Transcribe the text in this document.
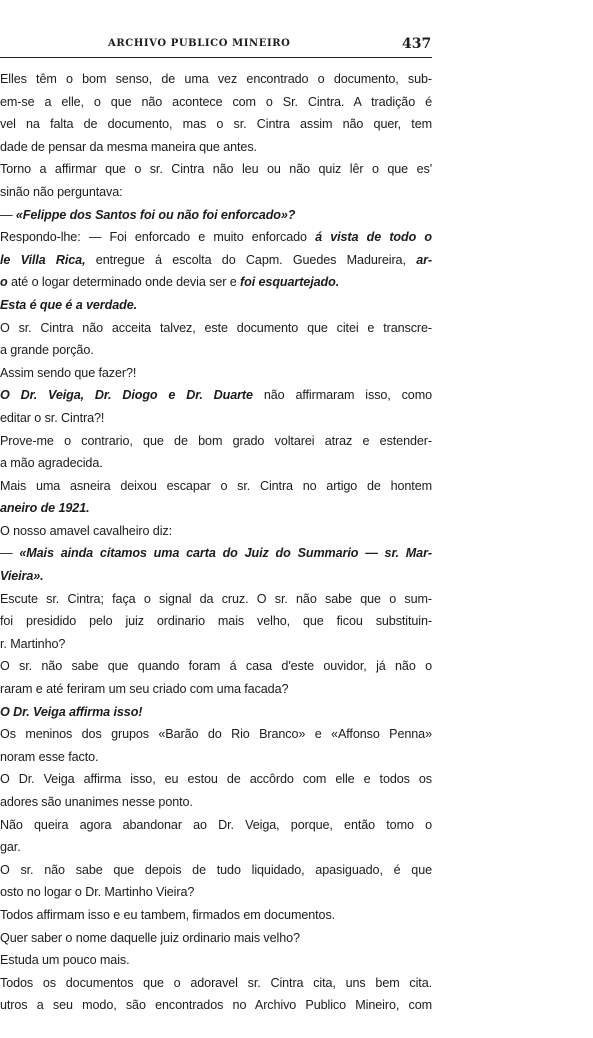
ARCHIVO PUBLICO MINEIRO	437
Elles têm o bom senso, de uma vez encontrado o documento, sub-
em-se a elle, o que não acontece com o Sr. Cintra. A tradição é
vel na falta de documento, mas o sr. Cintra assim não quer, tem
dade de pensar da mesma maneira que antes.
Torno a affirmar que o sr. Cintra não leu ou não quiz lêr o que es'
sinão não perguntava:
— «Felippe dos Santos foi ou não foi enforcado»?
Respondo-lhe: — Foi enforcado e muito enforcado á vista de todo o
le Villa Rica, entregue á escolta do Capm. Guedes Madureira, ar-
o até o logar determinado onde devia ser e foi esquartejado.
Esta é que é a verdade.
O sr. Cintra não acceita talvez, este documento que citei e transcre-
a grande porção.
Assim sendo que fazer?!
O Dr. Veiga, Dr. Diogo e Dr. Duarte não affirmaram isso, como
editar o sr. Cintra?!
Prove-me o contrario, que de bom grado voltarei atraz e estender-
a mão agradecida.
Mais uma asneira deixou escapar o sr. Cintra no artigo de hontem
aneiro de 1921.
O nosso amavel cavalheiro diz:
— «Mais ainda citamos uma carta do Juiz do Summario — sr. Mar-
Vieira».
Escute sr. Cintra; faça o signal da cruz. O sr. não sabe que o sum-
foi presidido pelo juiz ordinario mais velho, que ficou substituin-
r. Martinho?
O sr. não sabe que quando foram á casa d'este ouvidor, já não o
raram e até feriram um seu criado com uma facada?
O Dr. Veiga affirma isso!
Os meninos dos grupos «Barão do Rio Branco» e «Affonso Penna»
noram esse facto.
O Dr. Veiga affirma isso, eu estou de accôrdo com elle e todos os
adores são unanimes nesse ponto.
Não queira agora abandonar ao Dr. Veiga, porque, então tomo o
gar.
O sr. não sabe que depois de tudo liquidado, apasiguado, é que
osto no logar o Dr. Martinho Vieira?
Todos affirmam isso e eu tambem, firmados em documentos.
Quer saber o nome daquelle juiz ordinario mais velho?
Estuda um pouco mais.
Todos os documentos que o adoravel sr. Cintra cita, uns bem cita.
utros a seu modo, são encontrados no Archivo Publico Mineiro, com
